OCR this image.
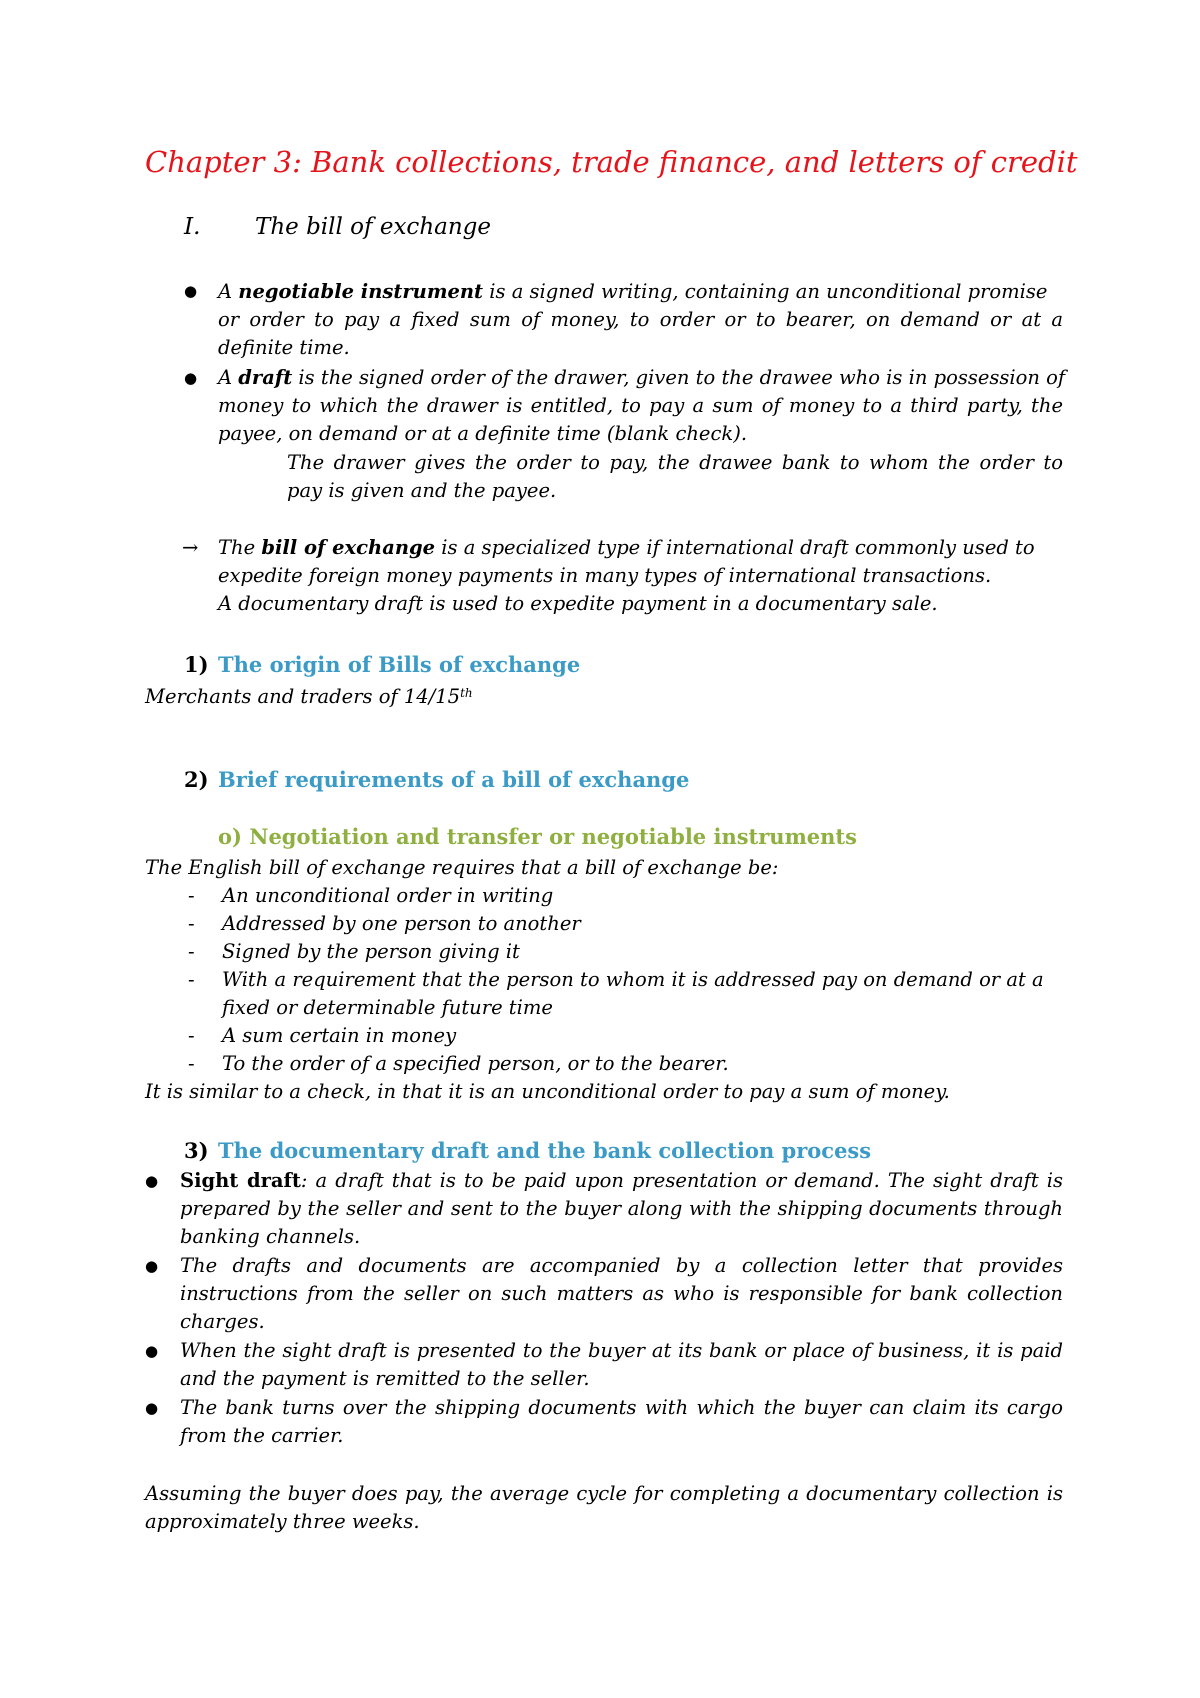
Chapter 3: Bank collections, trade finance, and letters of credit
I. The bill of exchange
● A negotiable instrument is a signed writing, containing an unconditional promise
or order to pay a fixed sum of money, to order or to bearer, on demand or at a
definite time.
● A draft is the signed order of the drawer, given to the drawee who is in possession of
money to which the drawer is entitled, to pay a sum of money to a third party, the
payee, on demand or at a definite time (blank check).
The drawer gives the order to pay, the drawee bank to whom the order to
pay is given and the payee.
→ The bill of exchange is a specialized type if international draft commonly used to
expedite foreign money payments in many types of international transactions.
A documentary draft is used to expedite payment in a documentary sale.
1) The origin of Bills of exchange
Merchants and traders of 14/15th
2) Brief requirements of a bill of exchange
o) Negotiation and transfer or negotiable instruments
The English bill of exchange requires that a bill of exchange be:
- An unconditional order in writing
- Addressed by one person to another
- Signed by the person giving it
- With a requirement that the person to whom it is addressed pay on demand or at a
fixed or determinable future time
- A sum certain in money
- To the order of a specified person, or to the bearer.
It is similar to a check, in that it is an unconditional order to pay a sum of money.
3) The documentary draft and the bank collection process
● Sight draft: a draft that is to be paid upon presentation or demand. The sight draft is
prepared by the seller and sent to the buyer along with the shipping documents through
banking channels.
● The drafts and documents are accompanied by a collection letter that provides
instructions from the seller on such matters as who is responsible for bank collection
charges.
● When the sight draft is presented to the buyer at its bank or place of business, it is paid
and the payment is remitted to the seller.
● The bank turns over the shipping documents with which the buyer can claim its cargo
from the carrier.
Assuming the buyer does pay, the average cycle for completing a documentary collection is
approximately three weeks.
